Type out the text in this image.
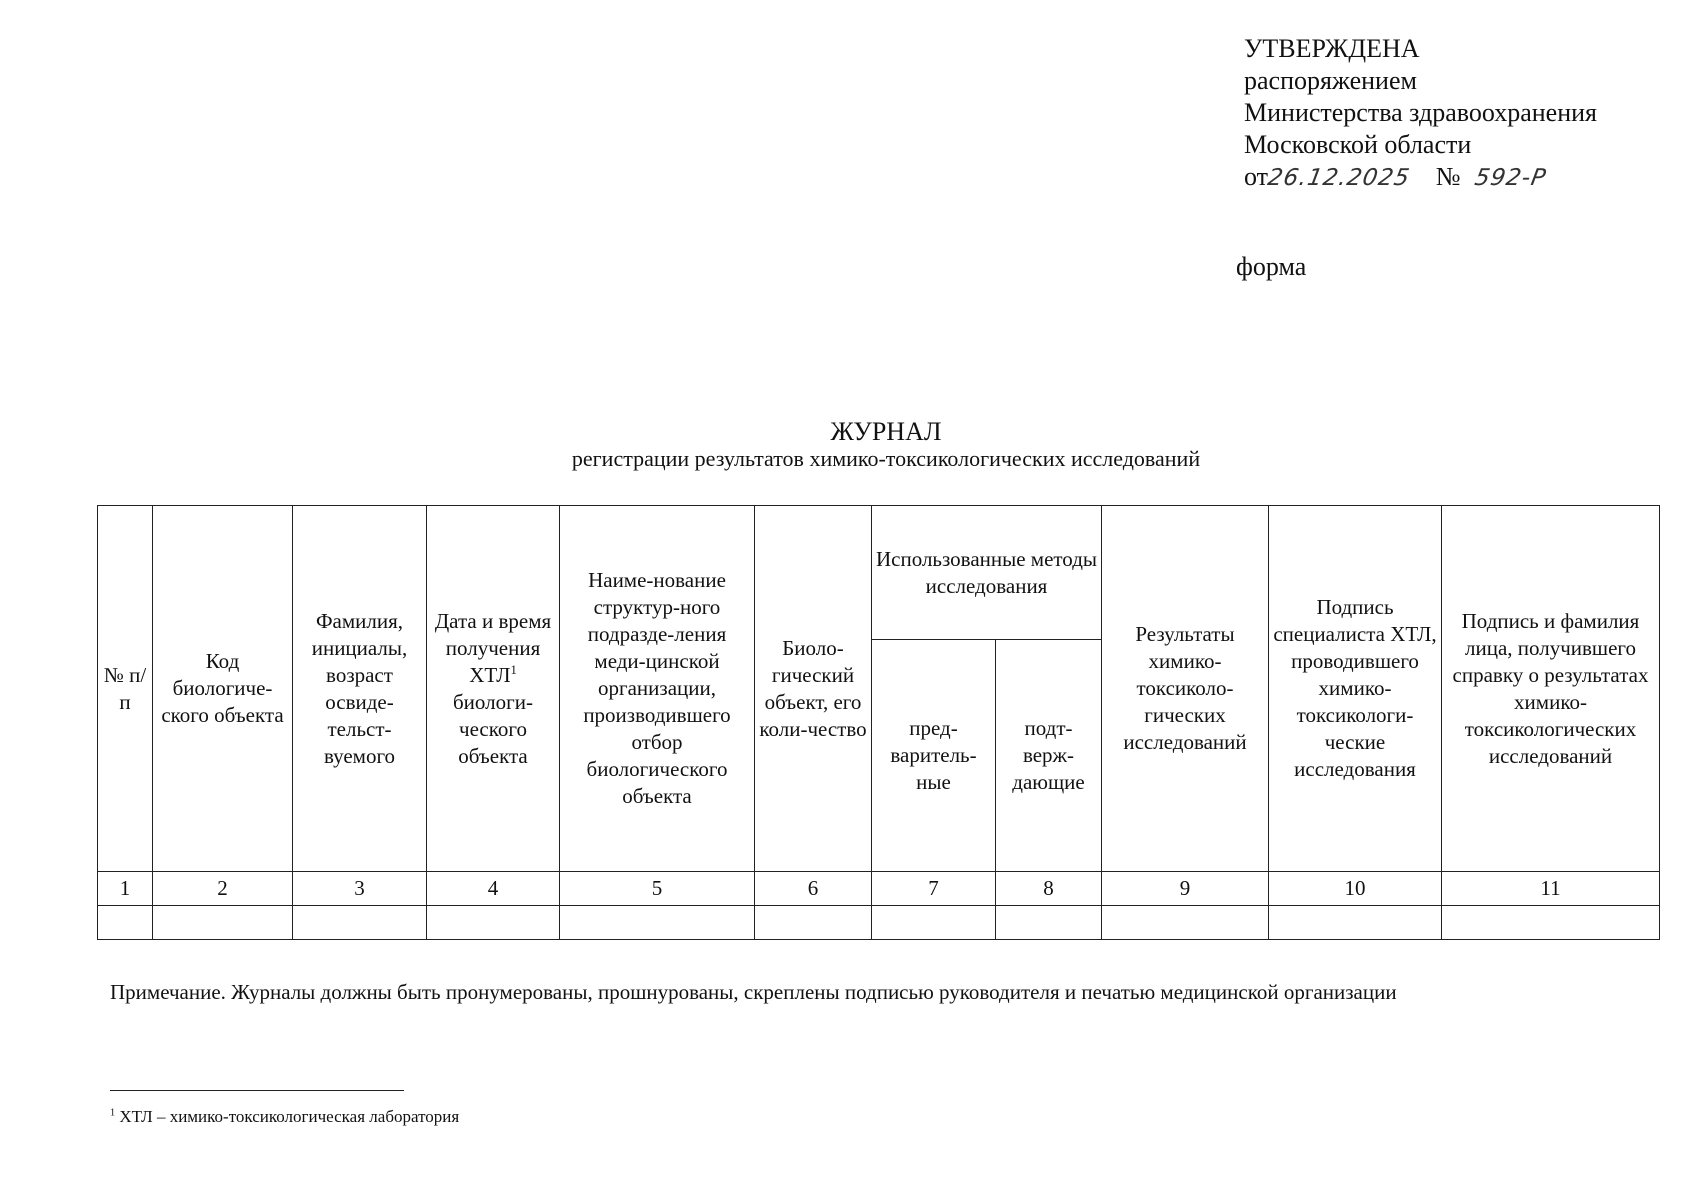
УТВЕРЖДЕНА
распоряжением
Министерства здравоохранения
Московской области
от
26.12.2025 № 592-Р
форма
ЖУРНАЛ
регистрации результатов химико-токсикологических исследований
№ п/п	Код биологиче-ского объекта	Фамилия, инициалы, возраст освиде-тельст-вуемого	Дата и время получения ХТЛ$^1$ биологи-ческого объекта	Наиме-нование структур-ного подразде-ления меди-цинской организации, производившего отбор биологического объекта	Биоло-гический объект, его коли-чество	Использованные методы исследования		Результаты химико-токсиколо-гических исследований	Подпись специалиста ХТЛ, проводившего химико-токсикологи-ческие исследования	Подпись и фамилия лица, получившего справку о результатах химико-токсикологических исследований
						пред-варитель-ные	подт-верж-дающие			
1	2	3	4	5	6	7	8	9	10	11

Примечание. Журналы должны быть пронумерованы, прошнурованы, скреплены подписью руководителя и печатью медицинской организации
$^1$ ХТЛ – химико-токсикологическая лаборатория
